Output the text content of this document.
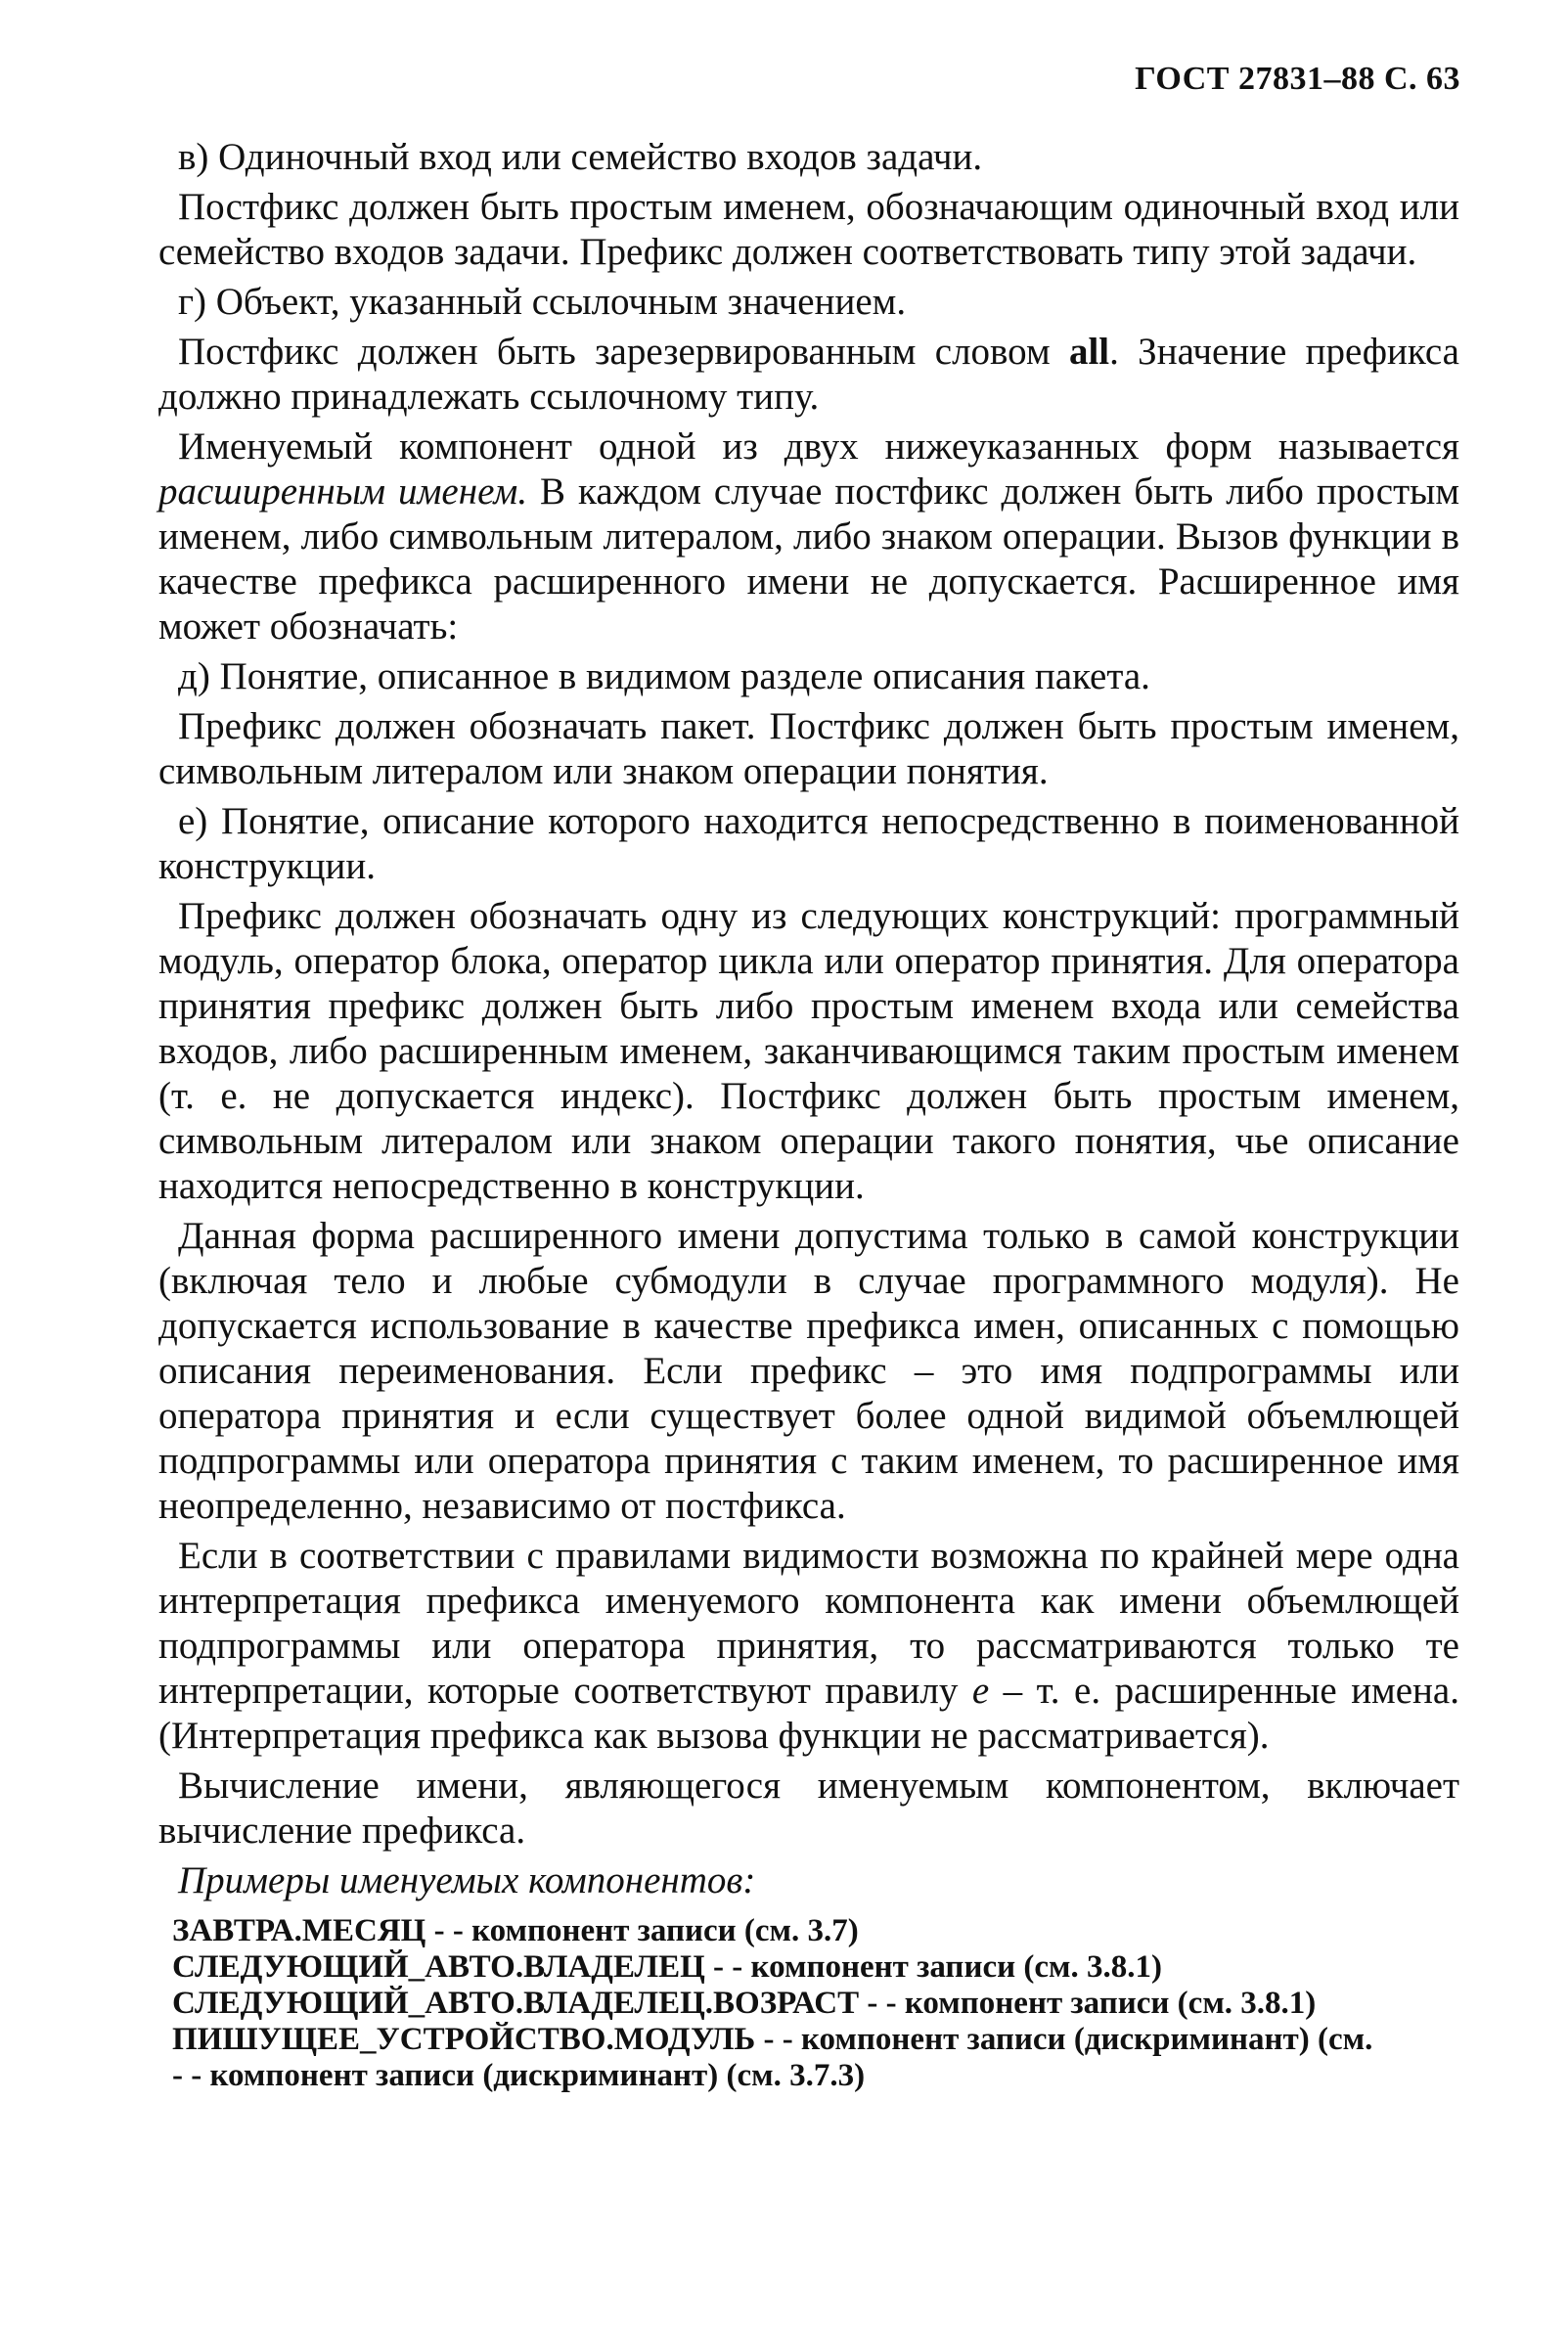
ГОСТ 27831–88 С. 63

в) Одиночный вход или семейство входов задачи.

Постфикс должен быть простым именем, обозначающим одиночный вход или семейство входов задачи. Префикс должен соответствовать типу этой задачи.

г) Объект, указанный ссылочным значением.

Постфикс должен быть зарезервированным словом all. Значение префикса должно принадлежать ссылочному типу.

Именуемый компонент одной из двух нижеуказанных форм называется расширенным именем. В каждом случае постфикс должен быть либо простым именем, либо символьным литералом, либо знаком операции. Вызов функции в качестве префикса расширенного имени не допускается. Расширенное имя может обозначать:

д) Понятие, описанное в видимом разделе описания пакета.

Префикс должен обозначать пакет. Постфикс должен быть простым именем, символьным литералом или знаком операции понятия.

е) Понятие, описание которого находится непосредственно в поименованной конструкции.

Префикс должен обозначать одну из следующих конструкций: программный модуль, оператор блока, оператор цикла или оператор принятия. Для оператора принятия префикс должен быть либо простым именем входа или семейства входов, либо расширенным именем, заканчивающимся таким простым именем (т. е. не допускается индекс). Постфикс должен быть простым именем, символьным литералом или знаком операции такого понятия, чье описание находится непосредственно в конструкции.

Данная форма расширенного имени допустима только в самой конструкции (включая тело и любые субмодули в случае программного модуля). Не допускается использование в качестве префикса имен, описанных с помощью описания переименования. Если префикс – это имя подпрограммы или оператора принятия и если существует более одной видимой объемлющей подпрограммы или оператора принятия с таким именем, то расширенное имя неопределенно, независимо от постфикса.

Если в соответствии с правилами видимости возможна по крайней мере одна интерпретация префикса именуемого компонента как имени объемлющей подпрограммы или оператора принятия, то рассматриваются только те интерпретации, которые соответствуют правилу е – т. е. расширенные имена. (Интерпретация префикса как вызова функции не рассматривается).

Вычисление имени, являющегося именуемым компонентом, включает вычисление префикса.

Примеры именуемых компонентов:
ЗАВТРА.МЕСЯЦ - - компонент записи (см. 3.7)
СЛЕДУЮЩИЙ_АВТО.ВЛАДЕЛЕЦ - - компонент записи (см. 3.8.1)
СЛЕДУЮЩИЙ_АВТО.ВЛАДЕЛЕЦ.ВОЗРАСТ - - компонент записи (см. 3.8.1)
ПИШУЩЕЕ_УСТРОЙСТВО.МОДУЛЬ - - компонент записи (дискриминант) (см.
- - компонент записи (дискриминант) (см. 3.7.3)
